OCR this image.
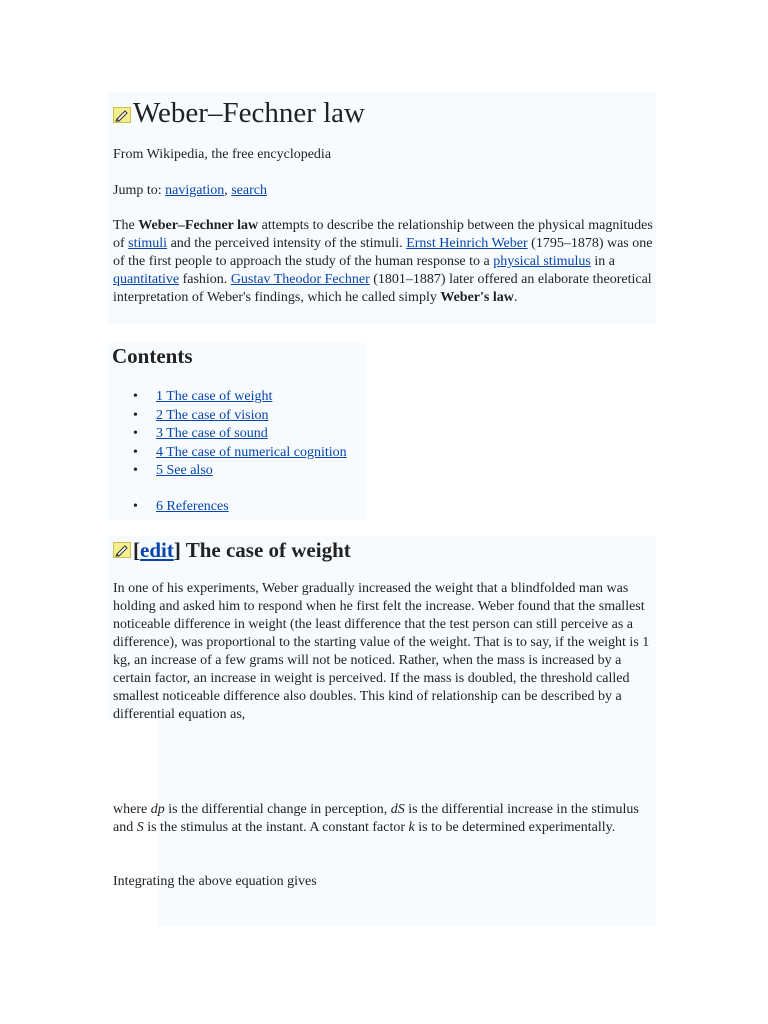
Weber–Fechner law

From Wikipedia, the free encyclopedia

Jump to: navigation, search

The Weber–Fechner law attempts to describe the relationship between the physical magnitudes of stimuli and the perceived intensity of the stimuli. Ernst Heinrich Weber (1795–1878) was one of the first people to approach the study of the human response to a physical stimulus in a quantitative fashion. Gustav Theodor Fechner (1801–1887) later offered an elaborate theoretical interpretation of Weber's findings, which he called simply Weber's law.

Contents
• 1 The case of weight
• 2 The case of vision
• 3 The case of sound
• 4 The case of numerical cognition
• 5 See also
• 6 References
[edit] The case of weight

In one of his experiments, Weber gradually increased the weight that a blindfolded man was holding and asked him to respond when he first felt the increase. Weber found that the smallest noticeable difference in weight (the least difference that the test person can still perceive as a difference), was proportional to the starting value of the weight. That is to say, if the weight is 1 kg, an increase of a few grams will not be noticed. Rather, when the mass is increased by a certain factor, an increase in weight is perceived. If the mass is doubled, the threshold called smallest noticeable difference also doubles. This kind of relationship can be described by a differential equation as,

where dp is the differential change in perception, dS is the differential increase in the stimulus and S is the stimulus at the instant. A constant factor k is to be determined experimentally.

Integrating the above equation gives
